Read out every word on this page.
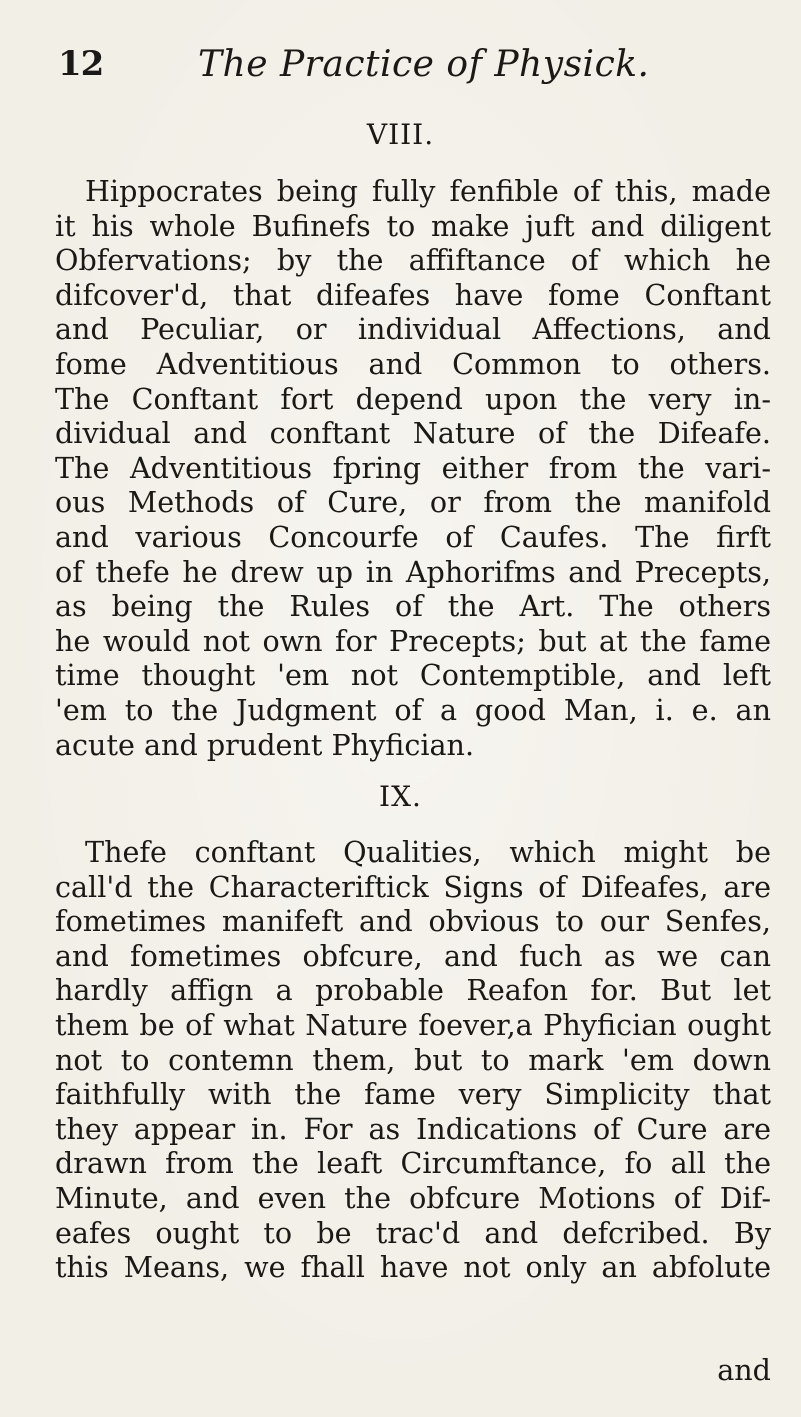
12	The Practice of Physick.
VIII.
Hippocrates being fully fenfible of this, made
it his whole Bufinefs to make juft and diligent
Obfervations; by the affiftance of which he
difcover'd, that difeafes have fome Conftant
and Peculiar, or individual Affections, and
fome Adventitious and Common to others.
The Conftant fort depend upon the very in-
dividual and conftant Nature of the Difeafe.
The Adventitious fpring either from the vari-
ous Methods of Cure, or from the manifold
and various Concourfe of Caufes. The firft
of thefe he drew up in Aphorifms and Precepts,
as being the Rules of the Art. The others
he would not own for Precepts; but at the fame
time thought 'em not Contemptible, and left
'em to the Judgment of a good Man, i. e. an
acute and prudent Phyfician.
IX.
Thefe conftant Qualities, which might be
call'd the Characteriftick Signs of Difeafes, are
fometimes manifeft and obvious to our Senfes,
and fometimes obfcure, and fuch as we can
hardly affign a probable Reafon for. But let
them be of what Nature foever,a Phyfician ought
not to contemn them, but to mark 'em down
faithfully with the fame very Simplicity that
they appear in. For as Indications of Cure are
drawn from the leaft Circumftance, fo all the
Minute, and even the obfcure Motions of Dif-
eafes ought to be trac'd and defcribed. By
this Means, we fhall have not only an abfolute
and
